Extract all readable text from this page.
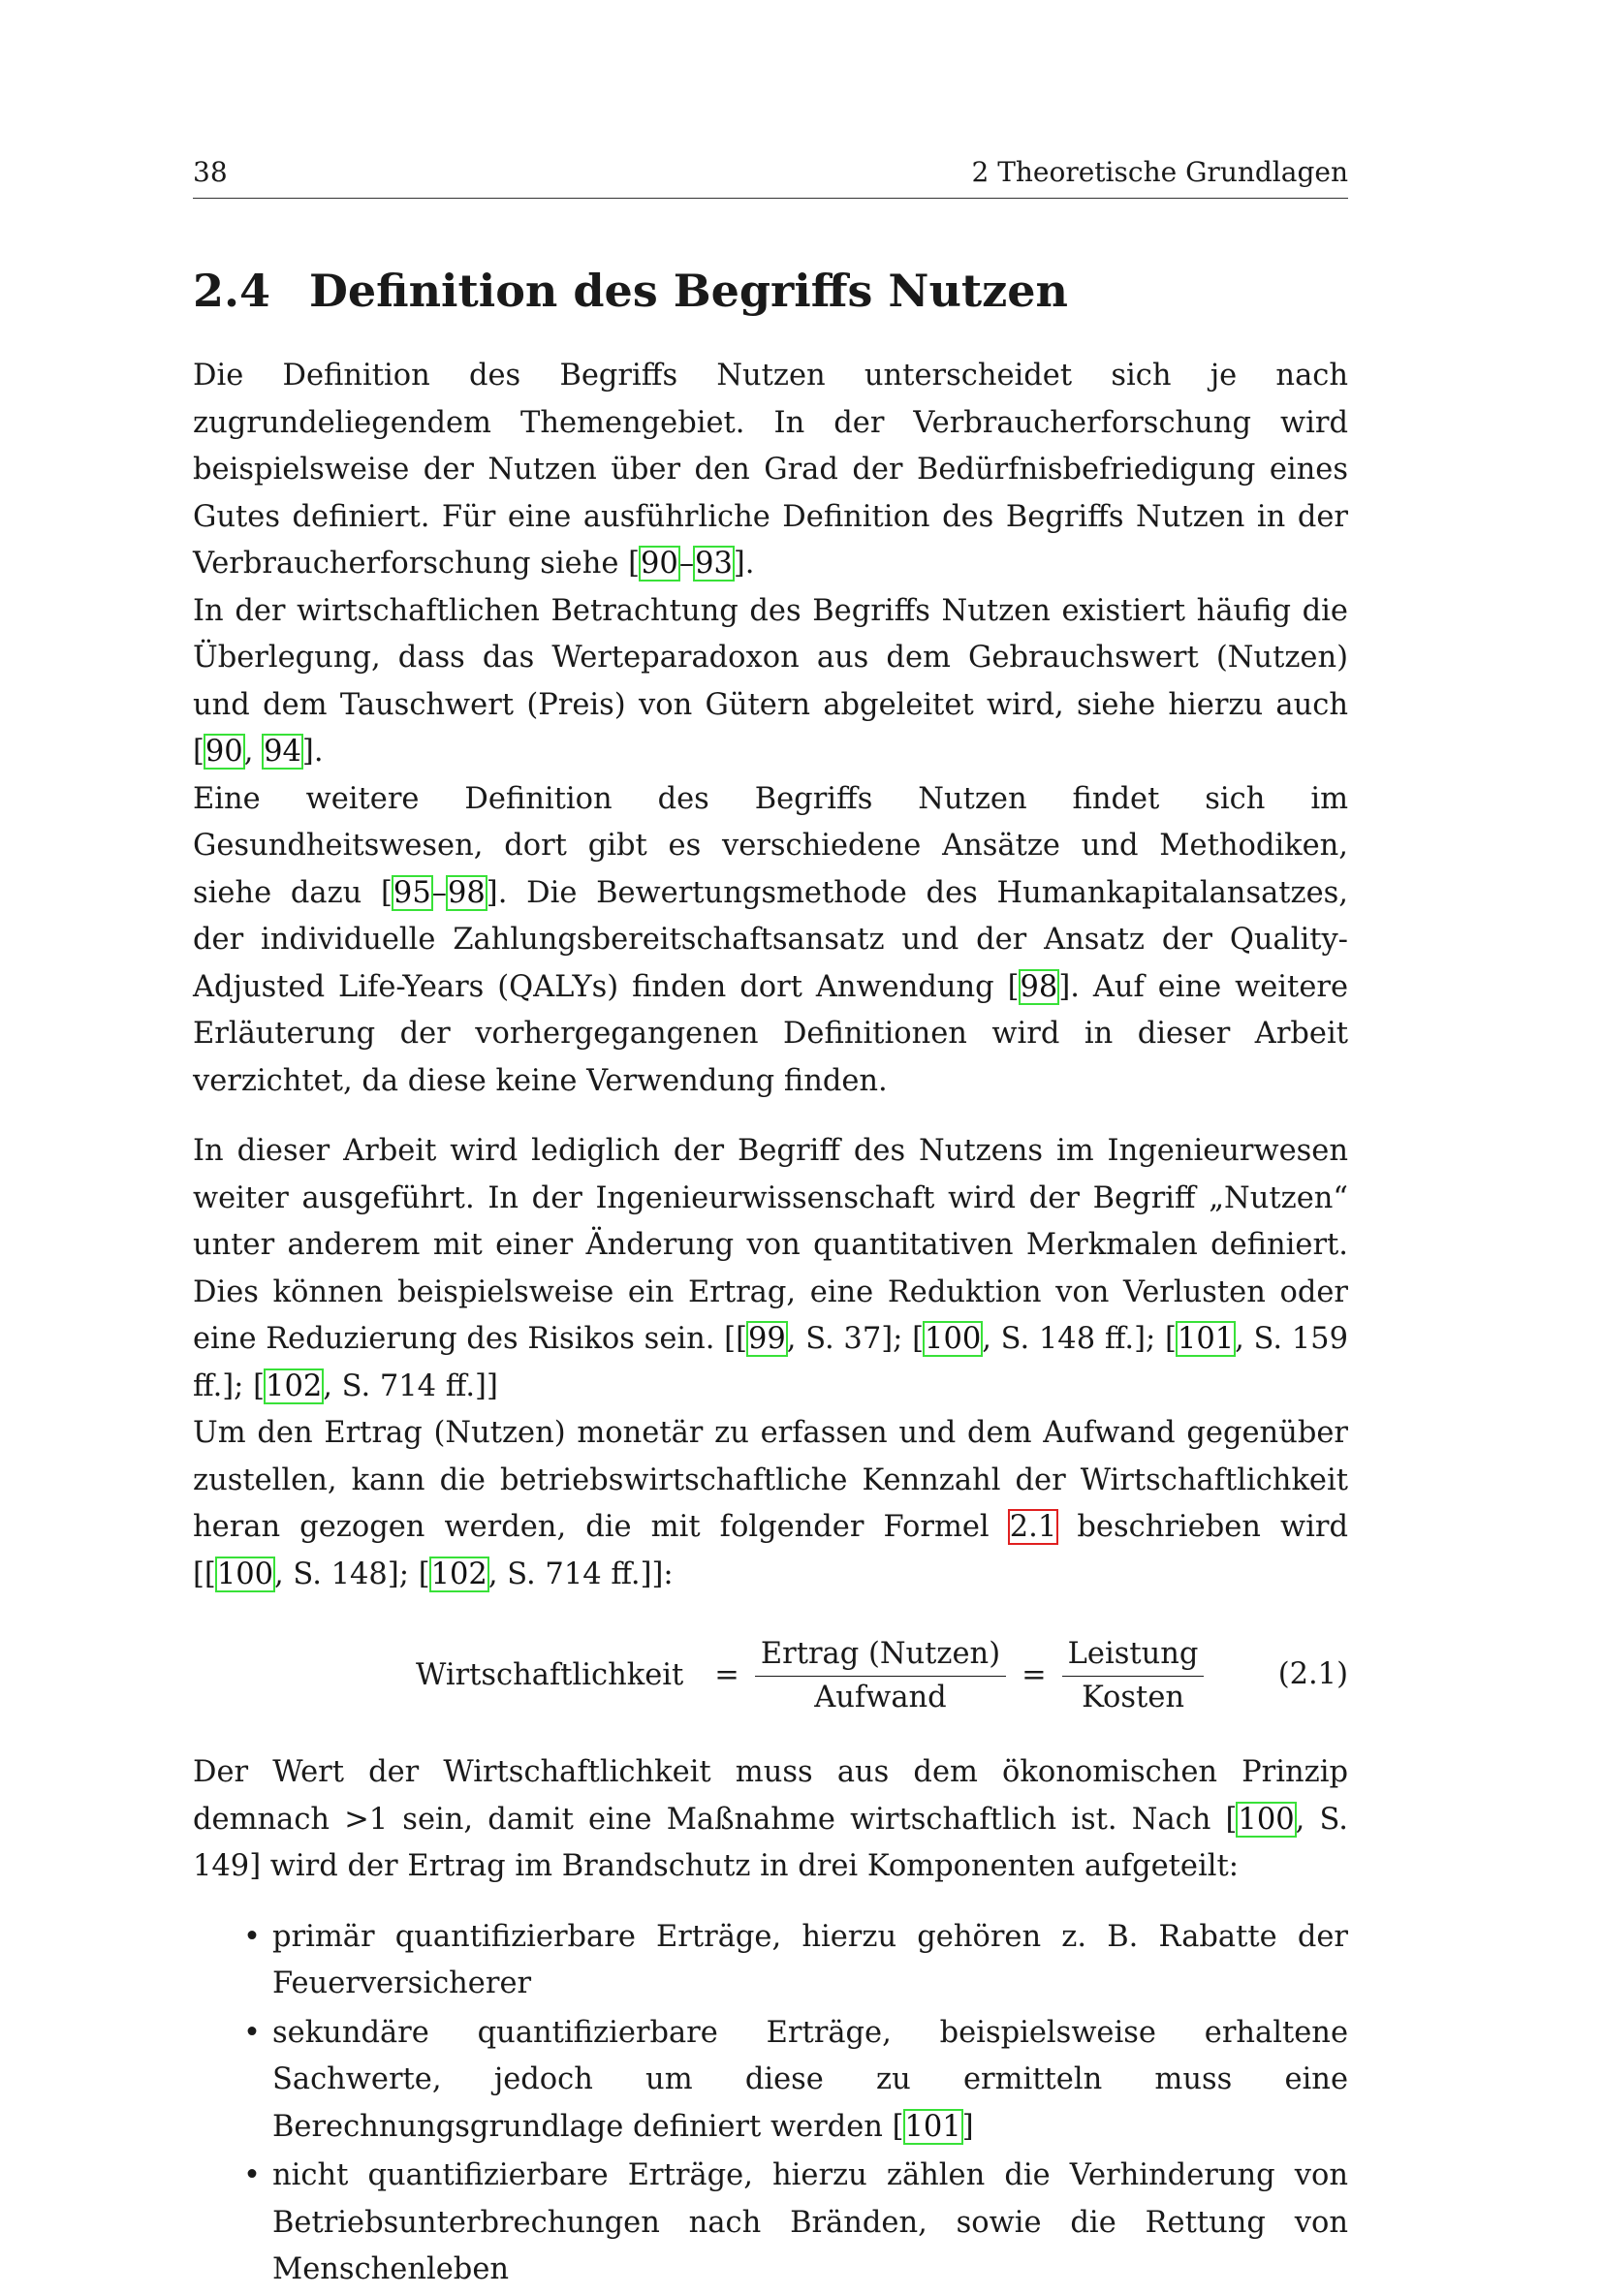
38	2 Theoretische Grundlagen
2.4 Definition des Begriffs Nutzen

Die Definition des Begriffs Nutzen unterscheidet sich je nach zugrundeliegendem Themengebiet. In der Verbraucherforschung wird beispielsweise der Nutzen über den Grad der Bedürfnisbefriedigung eines Gutes definiert. Für eine ausführliche Definition des Begriffs Nutzen in der Verbraucherforschung siehe [90–93].

In der wirtschaftlichen Betrachtung des Begriffs Nutzen existiert häufig die Überlegung, dass das Werteparadoxon aus dem Gebrauchswert (Nutzen) und dem Tauschwert (Preis) von Gütern abgeleitet wird, siehe hierzu auch [90, 94].

Eine weitere Definition des Begriffs Nutzen findet sich im Gesundheitswesen, dort gibt es verschiedene Ansätze und Methodiken, siehe dazu [95–98]. Die Bewertungsmethode des Humankapitalansatzes, der individuelle Zahlungsbereitschaftsansatz und der Ansatz der Quality-Adjusted Life-Years (QALYs) finden dort Anwendung [98]. Auf eine weitere Erläuterung der vorhergegangenen Definitionen wird in dieser Arbeit verzichtet, da diese keine Verwendung finden.

In dieser Arbeit wird lediglich der Begriff des Nutzens im Ingenieurwesen weiter ausgeführt. In der Ingenieurwissenschaft wird der Begriff „Nutzen“ unter anderem mit einer Änderung von quantitativen Merkmalen definiert. Dies können beispielsweise ein Ertrag, eine Reduktion von Verlusten oder eine Reduzierung des Risikos sein. [[99, S. 37]; [100, S. 148 ff.]; [101, S. 159 ff.]; [102, S. 714 ff.]]

Um den Ertrag (Nutzen) monetär zu erfassen und dem Aufwand gegenüber zustellen, kann die betriebswirtschaftliche Kennzahl der Wirtschaftlichkeit heran gezogen werden, die mit folgender Formel 2.1 beschrieben wird [[100, S. 148]; [102, S. 714 ff.]]:

Wirtschaftlichkeit = $\frac{\text{Ertrag (Nutzen)}}{\text{Aufwand}} = \frac{\text{Leistung}}{\text{Kosten}}$	(2.1)

Der Wert der Wirtschaftlichkeit muss aus dem ökonomischen Prinzip demnach >1 sein, damit eine Maßnahme wirtschaftlich ist. Nach [100, S. 149] wird der Ertrag im Brandschutz in drei Komponenten aufgeteilt:

• primär quantifizierbare Erträge, hierzu gehören z. B. Rabatte der Feuerversicherer
• sekundäre quantifizierbare Erträge, beispielsweise erhaltene Sachwerte, jedoch um diese zu ermitteln muss eine Berechnungsgrundlage definiert werden [101]
• nicht quantifizierbare Erträge, hierzu zählen die Verhinderung von Betriebsunterbrechungen nach Bränden, sowie die Rettung von Menschenleben
